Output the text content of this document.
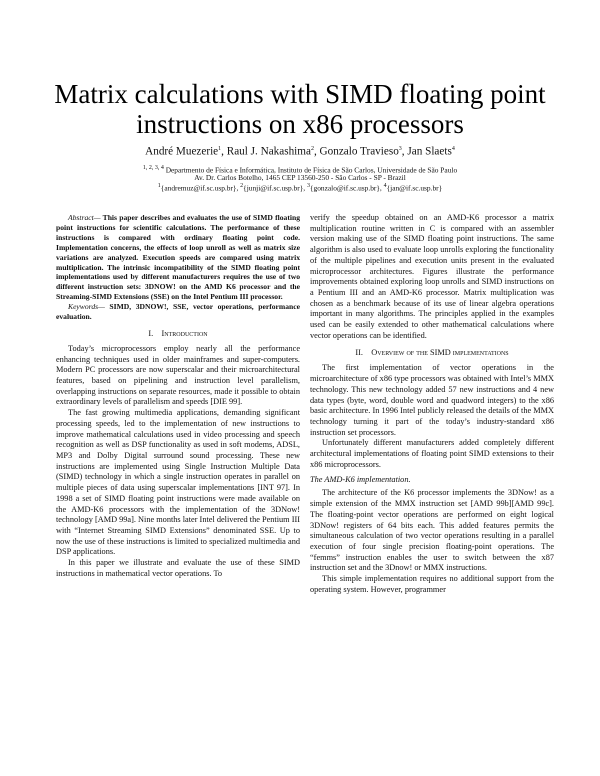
Matrix calculations with SIMD floating point
instructions on x86 processors
André Muezerie$^1$, Raul J. Nakashima$^2$, Gonzalo Travieso$^3$, Jan Slaets$^4$
$^{1, 2, 3, 4}$ Departmento de Física e Informática, Instituto de Física de São Carlos, Universidade de São Paulo
Av. Dr. Carlos Botelho, 1465 CEP 13560-250 - São Carlos - SP - Brazil
$^1${andremuz@if.sc.usp.br}, $^2${junji@if.sc.usp.br}, $^3${gonzalo@if.sc.usp.br}, $^4${jan@if.sc.usp.br}

Abstract— This paper describes and evaluates the use of SIMD floating point instructions for scientific calculations. The performance of these instructions is compared with ordinary floating point code. Implementation concerns, the effects of loop unroll as well as matrix size variations are analyzed. Execution speeds are compared using matrix multiplication. The intrinsic incompatibility of the SIMD floating point implementations used by different manufacturers requires the use of two different instruction sets: 3DNOW! on the AMD K6 processor and the Streaming-SIMD Extensions (SSE) on the Intel Pentium III processor.

Keywords— SIMD, 3DNOW!, SSE, vector operations, performance evaluation.

I. Introduction

Today’s microprocessors employ nearly all the performance enhancing techniques used in older mainframes and super-computers. Modern PC processors are now superscalar and their microarchitectural features, based on pipelining and instruction level parallelism, overlapping instructions on separate resources, made it possible to obtain extraordinary levels of parallelism and speeds [DIE 99].

The fast growing multimedia applications, demanding significant processing speeds, led to the implementation of new instructions to improve mathematical calculations used in video processing and speech recognition as well as DSP functionality as used in soft modems, ADSL, MP3 and Dolby Digital surround sound processing. These new instructions are implemented using Single Instruction Multiple Data (SIMD) technology in which a single instruction operates in parallel on multiple pieces of data using superscalar implementations [INT 97]. In 1998 a set of SIMD floating point instructions were made available on the AMD-K6 processors with the implementation of the 3DNow! technology [AMD 99a]. Nine months later Intel delivered the Pentium III with “Internet Streaming SIMD Extensions” denominated SSE. Up to now the use of these instructions is limited to specialized multimedia and DSP applications.

In this paper we illustrate and evaluate the use of these SIMD instructions in mathematical vector operations. To

verify the speedup obtained on an AMD-K6 processor a matrix multiplication routine written in C is compared with an assembler version making use of the SIMD floating point instructions. The same algorithm is also used to evaluate loop unrolls exploring the functionality of the multiple pipelines and execution units present in the evaluated microprocessor architectures. Figures illustrate the performance improvements obtained exploring loop unrolls and SIMD instructions on a Pentium III and an AMD-K6 processor. Matrix multiplication was chosen as a benchmark because of its use of linear algebra operations important in many algorithms. The principles applied in the examples used can be easily extended to other mathematical calculations where vector operations can be identified.

II. Overview of the SIMD implementations

The first implementation of vector operations in the microarchitecture of x86 type processors was obtained with Intel’s MMX technology. This new technology added 57 new instructions and 4 new data types (byte, word, double word and quadword integers) to the x86 basic architecture. In 1996 Intel publicly released the details of the MMX technology turning it part of the today’s industry-standard x86 instruction set processors.

Unfortunately different manufacturers added completely different architectural implementations of floating point SIMD extensions to their x86 microprocessors.

The AMD-K6 implementation.

The architecture of the K6 processor implements the 3DNow! as a simple extension of the MMX instruction set [AMD 99b][AMD 99c]. The floating-point vector operations are performed on eight logical 3DNow! registers of 64 bits each. This added features permits the simultaneous calculation of two vector operations resulting in a parallel execution of four single precision floating-point operations. The “femms” instruction enables the user to switch between the x87 instruction set and the 3Dnow! or MMX instructions.

This simple implementation requires no additional support from the operating system. However, programmer
